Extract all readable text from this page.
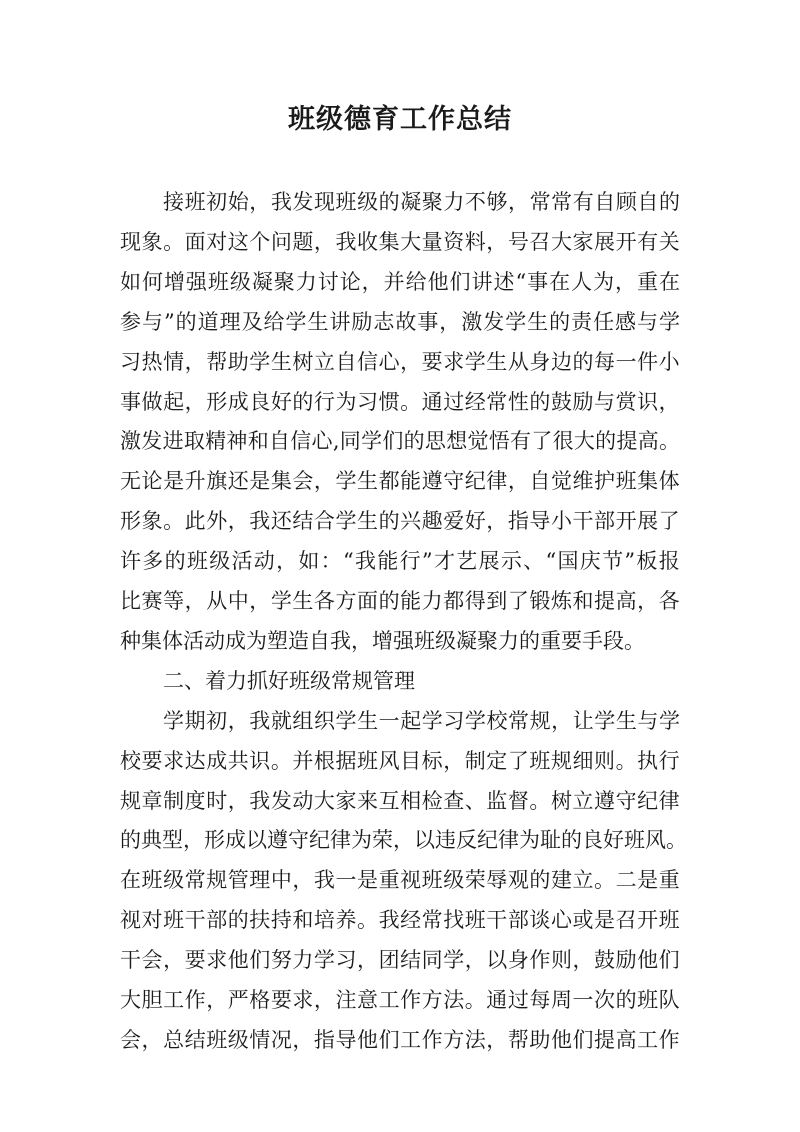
班级德育工作总结
接 班 初 始 ， 我 发 现 班 级 的 凝 聚 力 不 够 ， 常 常 有 自 顾 自 的
现 象 。 面 对 这 个 问 题 ， 我 收 集 大 量 资 料 ， 号 召 大 家 展 开 有 关
如 何 增 强 班 级 凝 聚 力 讨 论 ， 并 给 他 们 讲 述 “ 事 在 人 为 ， 重 在
参 与 ” 的 道 理 及 给 学 生 讲 励 志 故 事 ， 激 发 学 生 的 责 任 感 与 学
习 热 情 ， 帮 助 学 生 树 立 自 信 心 ， 要 求 学 生 从 身 边 的 每 一 件 小
事 做 起 ， 形 成 良 好 的 行 为 习 惯 。 通 过 经 常 性 的 鼓 励 与 赏 识 ，
激 发 进 取 精 神 和 自 信 心 , 同 学 们 的 思 想 觉 悟 有 了 很 大 的 提 高 。
无 论 是 升 旗 还 是 集 会 ， 学 生 都 能 遵 守 纪 律 ， 自 觉 维 护 班 集 体
形 象 。 此 外 ， 我 还 结 合 学 生 的 兴 趣 爱 好 ， 指 导 小 干 部 开 展 了
许 多 的 班 级 活 动 ， 如 ： “ 我 能 行 ” 才 艺 展 示 、 “ 国 庆 节 ” 板 报
比 赛 等 ， 从 中 ， 学 生 各 方 面 的 能 力 都 得 到 了 锻 炼 和 提 高 ， 各
种集体活动成为塑造自我，增强班级凝聚力的重要手段。
二、着力抓好班级常规管理
学 期 初 ， 我 就 组 织 学 生 一 起 学 习 学 校 常 规 ， 让 学 生 与 学
校 要 求 达 成 共 识 。 并 根 据 班 风 目 标 ， 制 定 了 班 规 细 则 。 执 行
规 章 制 度 时 ， 我 发 动 大 家 来 互 相 检 查 、 监 督 。 树 立 遵 守 纪 律
的 典 型 ， 形 成 以 遵 守 纪 律 为 荣 ， 以 违 反 纪 律 为 耻 的 良 好 班 风 。
在 班 级 常 规 管 理 中 ， 我 一 是 重 视 班 级 荣 辱 观 的 建 立 。 二 是 重
视 对 班 干 部 的 扶 持 和 培 养 。 我 经 常 找 班 干 部 谈 心 或 是 召 开 班
干 会 ， 要 求 他 们 努 力 学 习 ， 团 结 同 学 ， 以 身 作 则 ， 鼓 励 他 们
大 胆 工 作 ， 严 格 要 求 ， 注 意 工 作 方 法 。 通 过 每 周 一 次 的 班 队
会 ， 总 结 班 级 情 况 ， 指 导 他 们 工 作 方 法 ， 帮 助 他 们 提 高 工 作
